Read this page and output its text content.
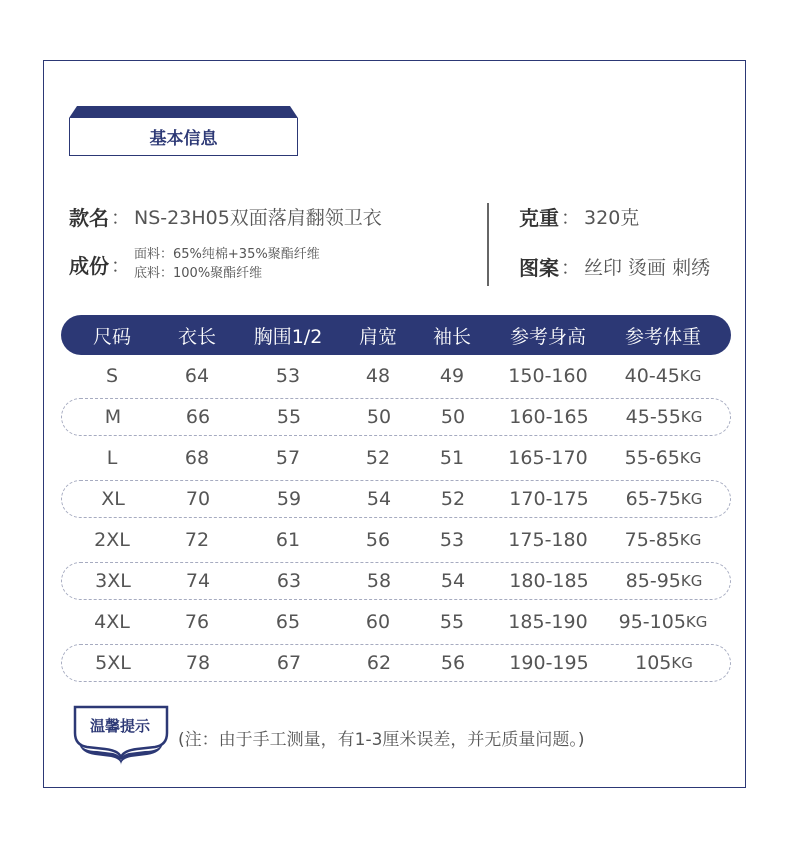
基本信息
款名 ： NS-23H05双面落肩翻领卫衣
成份 ： 面料：65%纯棉+35%聚酯纤维
底料：100%聚酯纤维
克重 ： 320克
图案 ： 丝印 烫画 刺绣
尺码 衣长 胸围1/2 肩宽 袖长 参考身高 参考体重
S	64	53	48	49 150-160 40-45 KG
M	66	55	50	50 160-165 45-55 KG
L	68	57	52	51 165-170 55-65 KG
XL	70	59	54	52 170-175 65-75 KG
2XL	72	61	56	53 175-180 75-85 KG
3XL	74	63	58	54 180-185 85-95 KG
4XL	76	65	60	55 185-190 95-105 KG
5XL	78	67	62	56 190-195 105 KG
温馨提示
(注：由于手工测量，有1-3厘米误差，并无质量问题。)
